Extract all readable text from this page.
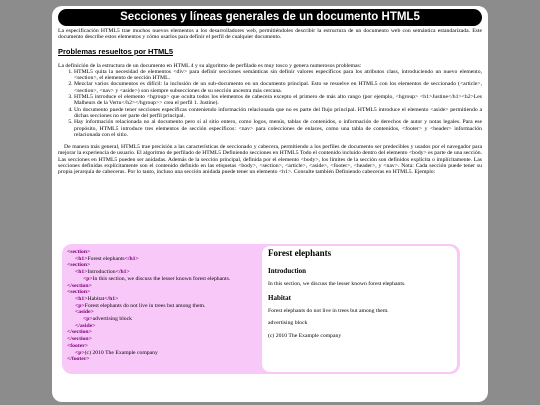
Secciones y líneas generales de un documento HTML5

La especificación HTML5 trae muchos nuevos elementos a los desarrolladores web, permitiéndoles describir la estructura de un documento web con semántica estandarizada. Este documento describe estos elementos y cómo usarlos para definir el perfil de cualquier documento.

Problemas resueltos por HTML5

La definición de la estructura de un documento en HTML 4 y su algoritmo de perfilado es muy tosco y genera numerosos problemas:

1. HTML5 quita la necesidad de elementos <div> para definir secciones semánticas sin definir valores específicos para los atributos class, introduciendo un nuevo elemento, <section>, el elemento de sección HTML.
2. Mezclar varios documentos es difícil: la inclusión de un sub-documento en un documento principal. Esto se resuelve en HTML5 con los elementos de seccionado (<article>, <section>, <nav> y <aside>) son siempre subsecciones de su sección ancestra más cercana.
3. HTML5 introduce el elemento <hgroup> que oculta todos los elementos de cabecera excepto el primero de más alto rango (por ejemplo, <hgroup> <h1>Justine</h1><h2>Les Malheurs de la Vertu</h2></hgroup>> crea el perfil 1. Justine).
4. Un documento puede tener secciones específicas conteniendo información relacionada que no es parte del flujo principal. HTML5 introduce el elemento <aside> permitiendo a dichas secciones no ser parte del perfil principal.
5. Hay información relacionada no al documento pero sí al sitio entero, como logos, menús, tablas de contenidos, o información de derechos de autor y notas legales. Para ese propósito, HTML5 introduce tres elementos de sección específicos: <nav> para colecciones de enlaces, como una tabla de contenidos, <footer> y <header> información relacionada con el sitio.

De manera más general, HTML5 trae precisión a las características de seccionado y cabecera, permitiendo a los perfiles de documento ser predecibles y usados por el navegador para mejorar la experiencia de usuario. El algoritmo de perfilado de HTML5 Definiendo secciones en HTML5 Todo el contenido incluido dentro del elemento <body> es parte de una sección. Las secciones en HTML5 pueden ser anidadas. Además de la sección principal, definida por el elemento <body>, los límites de la sección son definidos explícita o implícitamente. Las secciones definidas explícitamente son el contenido definido en las etiquetas <body>, <section>, <article>, <aside>, <footer>, <header>, y <nav>. Nota: Cada sección puede tener su propia jerarquía de cabeceras. Por lo tanto, incluso una sección anidada puede tener un elemento <h1>. Consulte también Definiendo cabeceras en HTML5. Ejemplo:

<section>
<h1>Forest elephants</h1>
<section>
<h1>Introduction</h1>
<p>In this section, we discuss the lesser known forest elephants.
</section>
<section>
<h1>Habitat</h1>
<p>Forest elephants do not live in trees but among them.
<aside>
<p>advertising block
</aside>
</section>
</section>
<footer>
<p>(c) 2010 The Example company
</footer>
Forest elephants
Introduction
In this section, we discuss the lesser known forest elephants.
Habitat
Forest elephants do not live in trees but among them.
advertising block
(c) 2010 The Example company
